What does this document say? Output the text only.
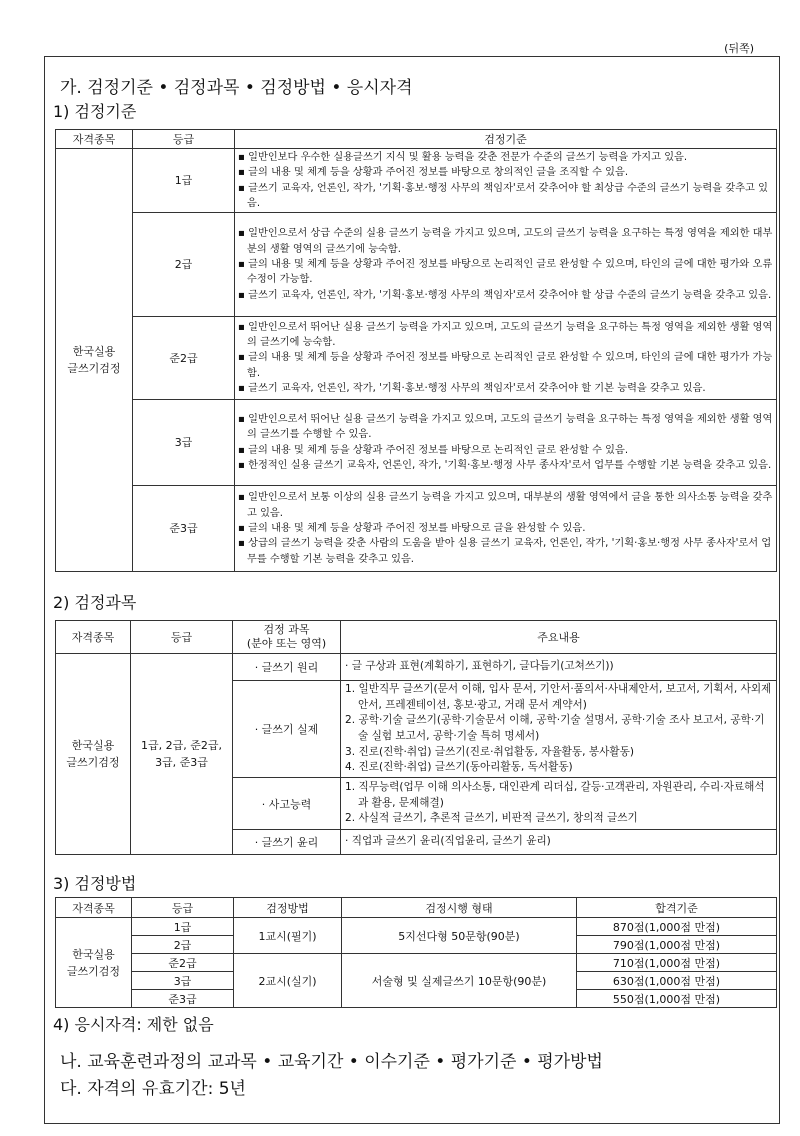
(뒤쪽)
가. 검정기준 • 검정과목 • 검정방법 • 응시자격
1) 검정기준
자격종목	등급	검정기준
한국실용
글쓰기검정	1급	▪ 일반인보다 우수한 실용글쓰기 지식 및 활용 능력을 갖춘 전문가 수준의 글쓰기 능력을 가지고 있음.
▪ 글의 내용 및 체계 등을 상황과 주어진 정보를 바탕으로 창의적인 글을 조직할 수 있음.
▪ 글쓰기 교육자, 언론인, 작가, '기획·홍보·행정 사무의 책임자'로서 갖추어야 할 최상급 수준의 글쓰기 능력을 갖추고 있음.

	2급	▪ 일반인으로서 상급 수준의 실용 글쓰기 능력을 가지고 있으며, 고도의 글쓰기 능력을 요구하는 특정 영역을 제외한 대부분의 생활 영역의 글쓰기에 능숙함.
▪ 글의 내용 및 체계 등을 상황과 주어진 정보를 바탕으로 논리적인 글로 완성할 수 있으며, 타인의 글에 대한 평가와 오류 수정이 가능함.
▪ 글쓰기 교육자, 언론인, 작가, '기획·홍보·행정 사무의 책임자'로서 갖추어야 할 상급 수준의 글쓰기 능력을 갖추고 있음.

	준2급	▪ 일반인으로서 뛰어난 실용 글쓰기 능력을 가지고 있으며, 고도의 글쓰기 능력을 요구하는 특정 영역을 제외한 생활 영역의 글쓰기에 능숙함.
▪ 글의 내용 및 체계 등을 상황과 주어진 정보를 바탕으로 논리적인 글로 완성할 수 있으며, 타인의 글에 대한 평가가 가능함.
▪ 글쓰기 교육자, 언론인, 작가, '기획·홍보·행정 사무의 책임자'로서 갖추어야 할 기본 능력을 갖추고 있음.

	3급	▪ 일반인으로서 뛰어난 실용 글쓰기 능력을 가지고 있으며, 고도의 글쓰기 능력을 요구하는 특정 영역을 제외한 생활 영역의 글쓰기를 수행할 수 있음.
▪ 글의 내용 및 체계 등을 상황과 주어진 정보를 바탕으로 논리적인 글로 완성할 수 있음.
▪ 한정적인 실용 글쓰기 교육자, 언론인, 작가, '기획·홍보·행정 사무 종사자'로서 업무를 수행할 기본 능력을 갖추고 있음.

	준3급	▪ 일반인으로서 보통 이상의 실용 글쓰기 능력을 가지고 있으며, 대부분의 생활 영역에서 글을 통한 의사소통 능력을 갖추고 있음.
▪ 글의 내용 및 체계 등을 상황과 주어진 정보를 바탕으로 글을 완성할 수 있음.
▪ 상급의 글쓰기 능력을 갖춘 사람의 도움을 받아 실용 글쓰기 교육자, 언론인, 작가, '기획·홍보·행정 사무 종사자'로서 업무를 수행할 기본 능력을 갖추고 있음.
2) 검정과목
자격종목	등급	검정 과목
(분야 또는 영역)	주요내용
한국실용
글쓰기검정	1급, 2급, 준2급,
3급, 준3급	· 글쓰기 원리	· 글 구상과 표현(계획하기, 표현하기, 글다듬기(고쳐쓰기))

		· 글쓰기 실제	1. 일반직무 글쓰기(문서 이해, 입사 문서, 기안서·품의서·사내제안서, 보고서, 기획서, 사외제안서, 프레젠테이션, 홍보·광고, 거래 문서 계약서)
2. 공학·기술 글쓰기(공학·기술문서 이해, 공학·기술 설명서, 공학·기술 조사 보고서, 공학·기술 실험 보고서, 공학·기술 특허 명세서)
3. 진로(진학·취업) 글쓰기(진로·취업활동, 자율활동, 봉사활동)
4. 진로(진학·취업) 글쓰기(동아리활동, 독서활동)

		· 사고능력	1. 직무능력(업무 이해 의사소통, 대인관계 리더십, 갈등·고객관리, 자원관리, 수리·자료해석과 활용, 문제해결)
2. 사실적 글쓰기, 추론적 글쓰기, 비판적 글쓰기, 창의적 글쓰기

		· 글쓰기 윤리	· 직업과 글쓰기 윤리(직업윤리, 글쓰기 윤리)
3) 검정방법
자격종목	등급	검정방법	검정시행 형태	합격기준
한국실용
글쓰기검정	1급	1교시(필기)	5지선다형 50문항(90분)	870점(1,000점 만점)
	2급			790점(1,000점 만점)
	준2급	2교시(실기)	서술형 및 실제글쓰기 10문항(90분)	710점(1,000점 만점)
	3급			630점(1,000점 만점)
	준3급			550점(1,000점 만점)
4) 응시자격: 제한 없음
나. 교육훈련과정의 교과목 • 교육기간 • 이수기준 • 평가기준 • 평가방법
다. 자격의 유효기간: 5년
